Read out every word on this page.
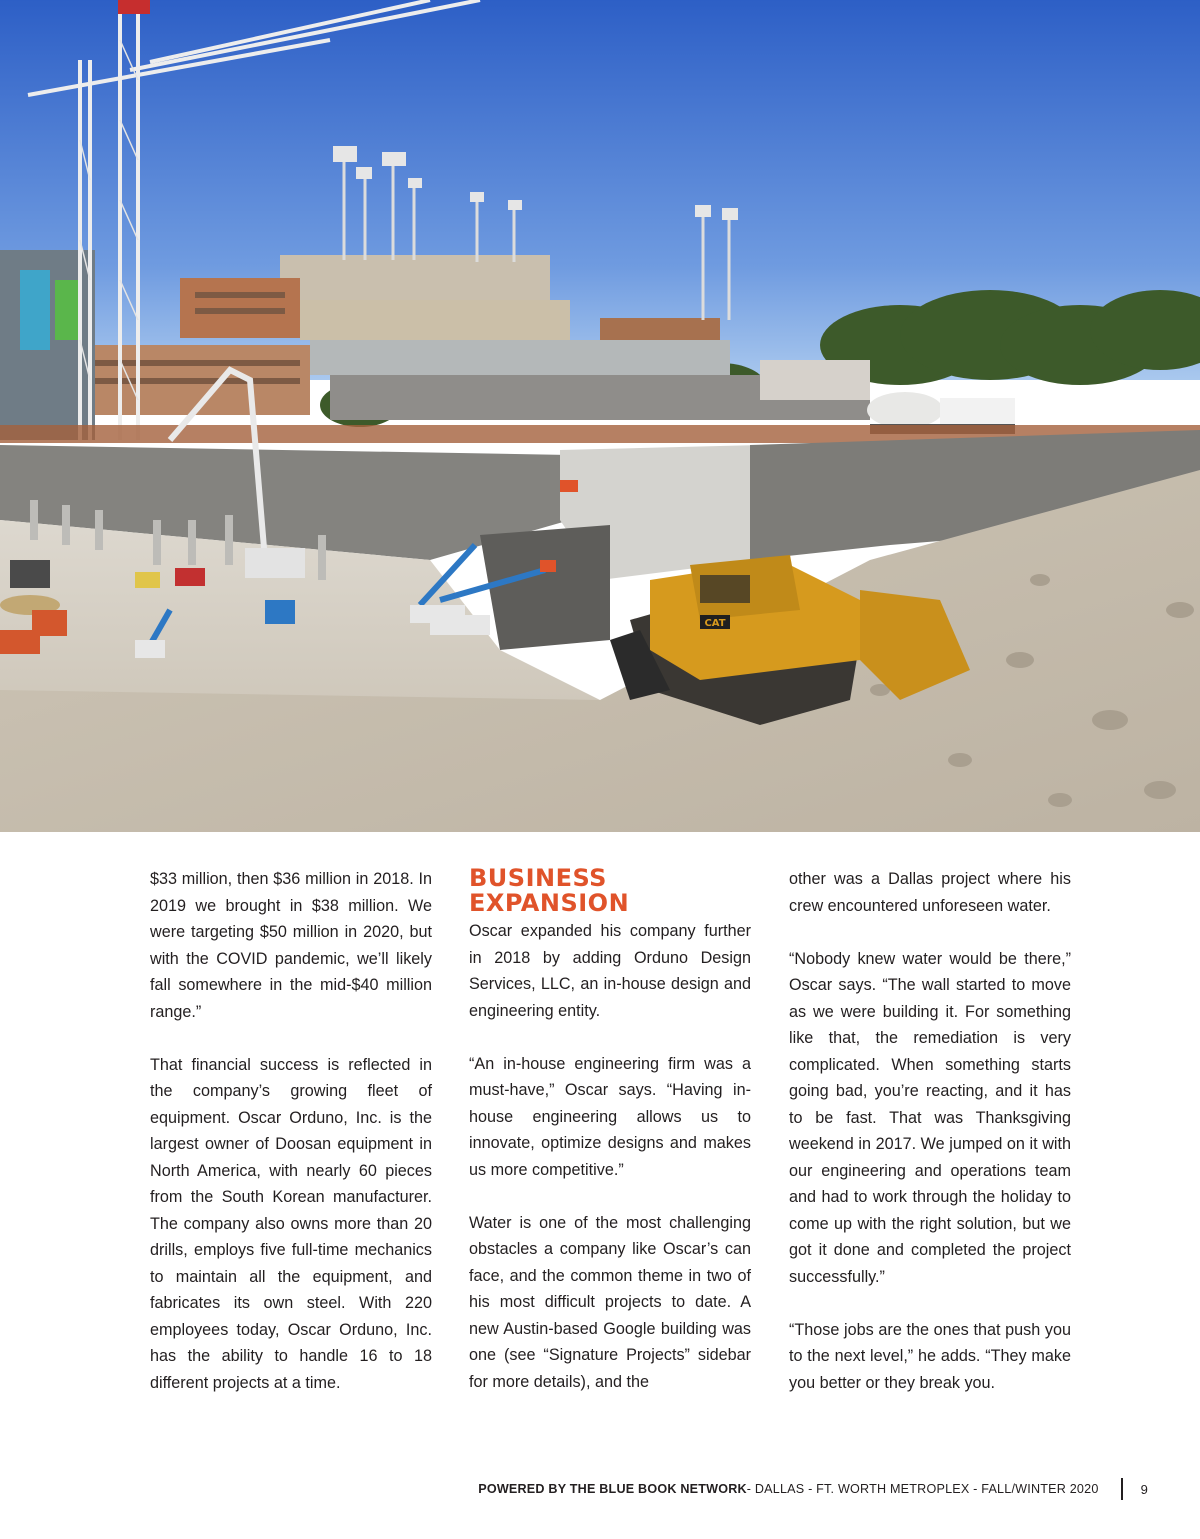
CAT

$33 million, then $36 million in 2018. In 2019 we brought in $38 million. We were targeting $50 million in 2020, but with the COVID pandemic, we’ll likely fall somewhere in the mid-$40 million range.”

That financial success is reflected in the company’s growing fleet of equipment. Oscar Orduno, Inc. is the largest owner of Doosan equipment in North America, with nearly 60 pieces from the South Korean manufacturer. The company also owns more than 20 drills, employs five full-time mechanics to maintain all the equipment, and fabricates its own steel. With 220 employees today, Oscar Orduno, Inc. has the ability to handle 16 to 18 different projects at a time.

BUSINESS
EXPANSION

Oscar expanded his company further in 2018 by adding Orduno Design Services, LLC, an in-house design and engineering entity.

“An in-house engineering firm was a must-have,” Oscar says. “Having in-house engineering allows us to innovate, optimize designs and makes us more competitive.”

Water is one of the most challenging obstacles a company like Oscar’s can face, and the common theme in two of his most difficult projects to date. A new Austin-based Google building was one (see “Signature Projects” sidebar for more details), and the

other was a Dallas project where his crew encountered unforeseen water.

“Nobody knew water would be there,” Oscar says. “The wall started to move as we were building it. For something like that, the remediation is very complicated. When something starts going bad, you’re reacting, and it has to be fast. That was Thanksgiving weekend in 2017. We jumped on it with our engineering and operations team and had to work through the holiday to come up with the right solution, but we got it done and completed the project successfully.”

“Those jobs are the ones that push you to the next level,” he adds. “They make you better or they break you.

POWERED BY THE BLUE BOOK NETWORK - DALLAS - FT. WORTH METROPLEX - FALL/WINTER 2020	9
